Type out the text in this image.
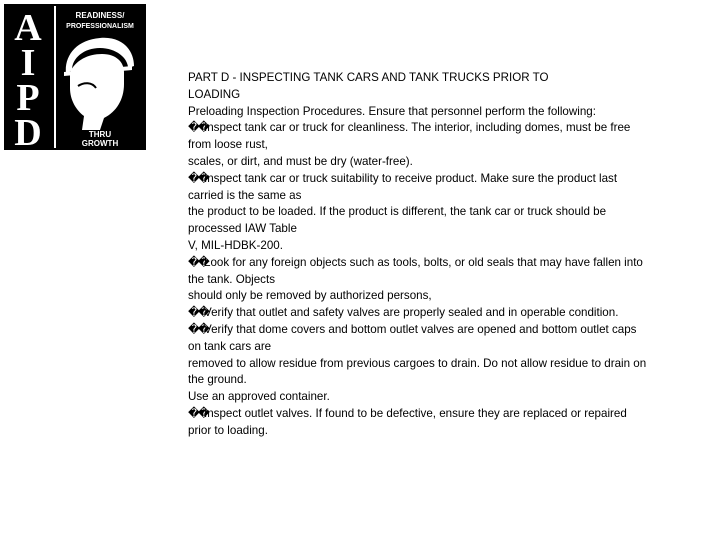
A
I
P
D
READINESS/
PROFESSIONALISM
THRU
GROWTH
PART D - INSPECTING TANK CARS AND TANK TRUCKS PRIOR TO
LOADING
Preloading Inspection Procedures. Ensure that personnel perform the following:
��Inspect tank car or truck for cleanliness. The interior, including domes, must be free
from loose rust,
scales, or dirt, and must be dry (water-free).
��Inspect tank car or truck suitability to receive product. Make sure the product last
carried is the same as
the product to be loaded. If the product is different, the tank car or truck should be
processed IAW Table
V, MIL-HDBK-200.
��Look for any foreign objects such as tools, bolts, or old seals that may have fallen into
the tank. Objects
should only be removed by authorized persons,
��Verify that outlet and safety valves are properly sealed and in operable condition.
��Verify that dome covers and bottom outlet valves are opened and bottom outlet caps
on tank cars are
removed to allow residue from previous cargoes to drain. Do not allow residue to drain on
the ground.
Use an approved container.
��Inspect outlet valves. If found to be defective, ensure they are replaced or repaired
prior to loading.
